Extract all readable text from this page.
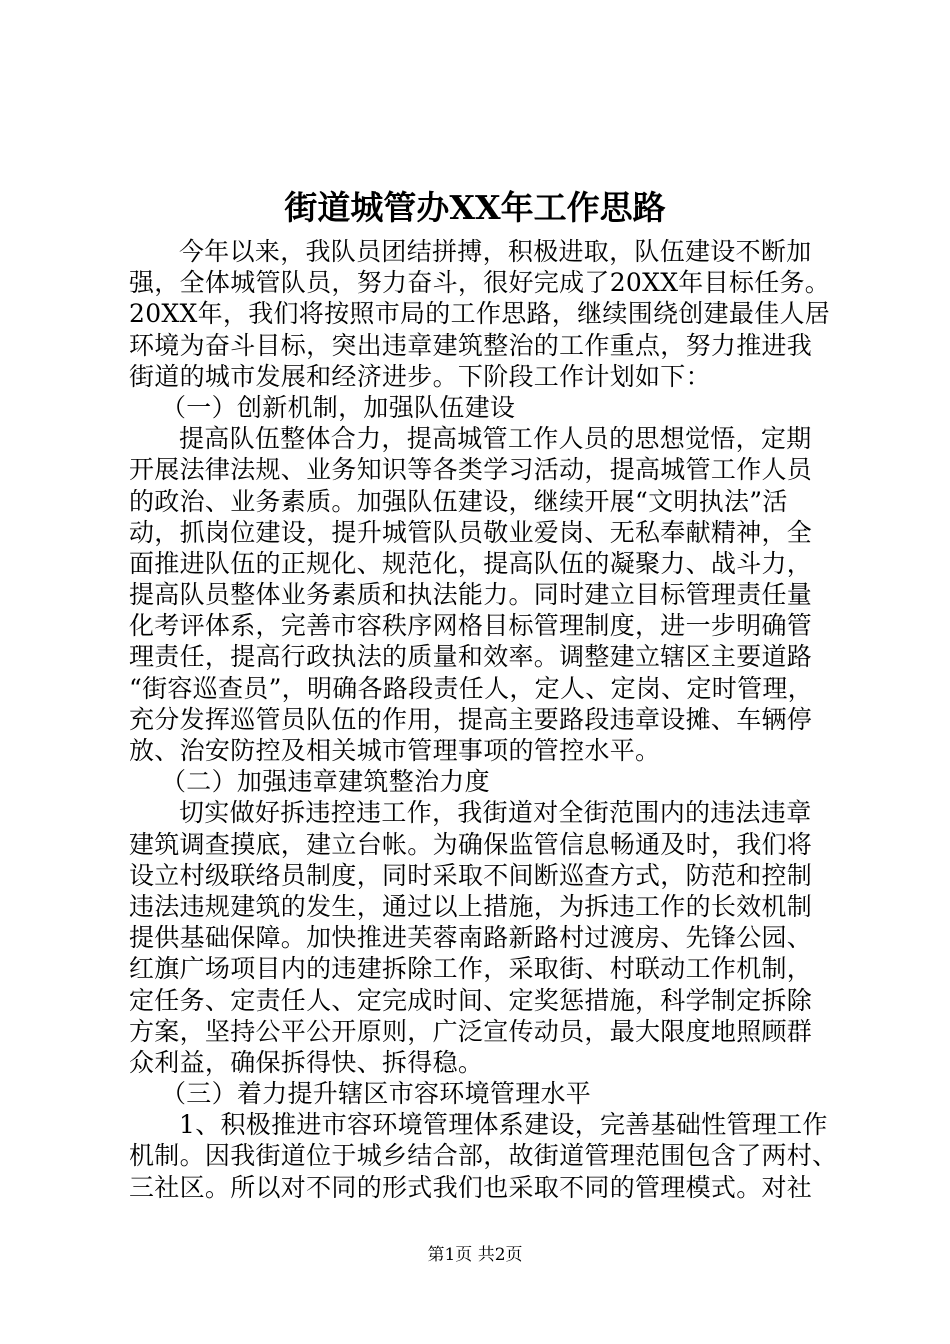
街道城管办XX年工作思路
今年以来，我队员团结拼搏，积极进取，队伍建设不断加
强，全体城管队员，努力奋斗，很好完成了20XX年目标任务。
20XX年，我们将按照市局的工作思路，继续围绕创建最佳人居
环境为奋斗目标，突出违章建筑整治的工作重点，努力推进我
街道的城市发展和经济进步。下阶段工作计划如下：
（一）创新机制，加强队伍建设
提高队伍整体合力，提高城管工作人员的思想觉悟，定期
开展法律法规、业务知识等各类学习活动，提高城管工作人员
的政治、业务素质。加强队伍建设，继续开展“文明执法”活
动，抓岗位建设，提升城管队员敬业爱岗、无私奉献精神，全
面推进队伍的正规化、规范化，提高队伍的凝聚力、战斗力，
提高队员整体业务素质和执法能力。同时建立目标管理责任量
化考评体系，完善市容秩序网格目标管理制度，进一步明确管
理责任，提高行政执法的质量和效率。调整建立辖区主要道路
“街容巡查员”，明确各路段责任人，定人、定岗、定时管理，
充分发挥巡管员队伍的作用，提高主要路段违章设摊、车辆停
放、治安防控及相关城市管理事项的管控水平。
（二）加强违章建筑整治力度
切实做好拆违控违工作，我街道对全街范围内的违法违章
建筑调查摸底，建立台帐。为确保监管信息畅通及时，我们将
设立村级联络员制度，同时采取不间断巡查方式，防范和控制
违法违规建筑的发生，通过以上措施，为拆违工作的长效机制
提供基础保障。加快推进芙蓉南路新路村过渡房、先锋公园、
红旗广场项目内的违建拆除工作，采取街、村联动工作机制，
定任务、定责任人、定完成时间、定奖惩措施，科学制定拆除
方案，坚持公平公开原则，广泛宣传动员，最大限度地照顾群
众利益，确保拆得快、拆得稳。
（三）着力提升辖区市容环境管理水平
1、积极推进市容环境管理体系建设，完善基础性管理工作
机制。因我街道位于城乡结合部，故街道管理范围包含了两村、
三社区。所以对不同的形式我们也采取不同的管理模式。对社
第1页 共2页
